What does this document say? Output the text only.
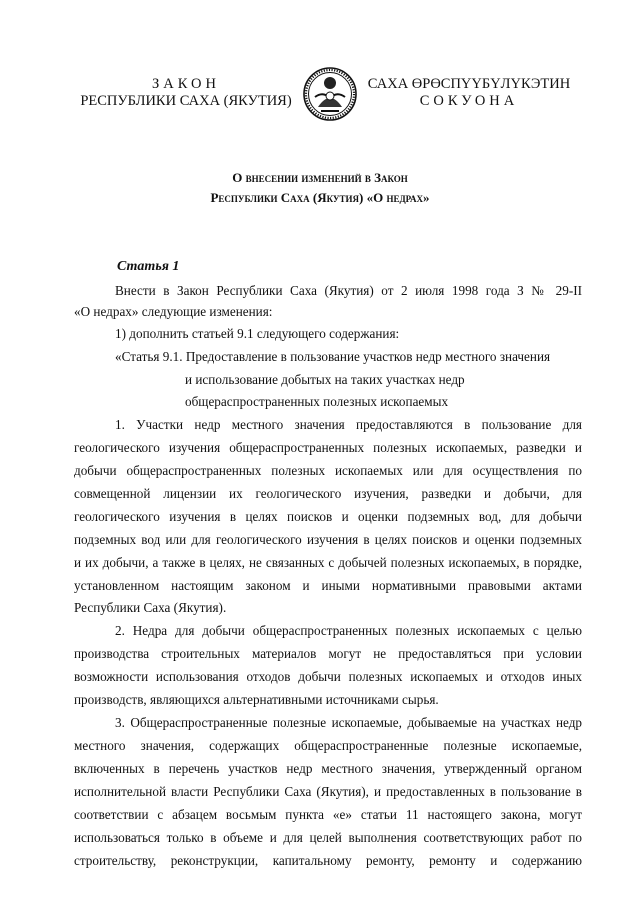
ЗАКОН
РЕСПУБЛИКИ САХА (ЯКУТИЯ)
САХА ӨРӨСПҮҮБҮЛҮКЭТИН
СОКУОНА
О внесении изменений в Закон
Республики Саха (Якутия) «О недрах»
Статья 1
Внести в Закон Республики Саха (Якутия) от 2 июля 1998 года З № 29-II
«О недрах» следующие изменения:
1) дополнить статьей 9.1 следующего содержания:
«Статья 9.1. Предоставление в пользование участков недр местного значения
и использование добытых на таких участках недр
общераспространенных полезных ископаемых
1. Участки недр местного значения предоставляются в пользование для
геологического изучения общераспространенных полезных ископаемых, разведки и
добычи общераспространенных полезных ископаемых или для осуществления по
совмещенной лицензии их геологического изучения, разведки и добычи, для
геологического изучения в целях поисков и оценки подземных вод, для добычи
подземных вод или для геологического изучения в целях поисков и оценки подземных
и их добычи, а также в целях, не связанных с добычей полезных ископаемых, в порядке,
установленном настоящим законом и иными нормативными правовыми актами
Республики Саха (Якутия).
2. Недра для добычи общераспространенных полезных ископаемых с целью
производства строительных материалов могут не предоставляться при условии
возможности использования отходов добычи полезных ископаемых и отходов иных
производств, являющихся альтернативными источниками сырья.
3. Общераспространенные полезные ископаемые, добываемые на участках недр
местного значения, содержащих общераспространенные полезные ископаемые,
включенных в перечень участков недр местного значения, утвержденный органом
исполнительной власти Республики Саха (Якутия), и предоставленных в пользование в
соответствии с абзацем восьмым пункта «е» статьи 11 настоящего закона, могут
использоваться только в объеме и для целей выполнения соответствующих работ по
строительству, реконструкции, капитальному ремонту, ремонту и содержанию
